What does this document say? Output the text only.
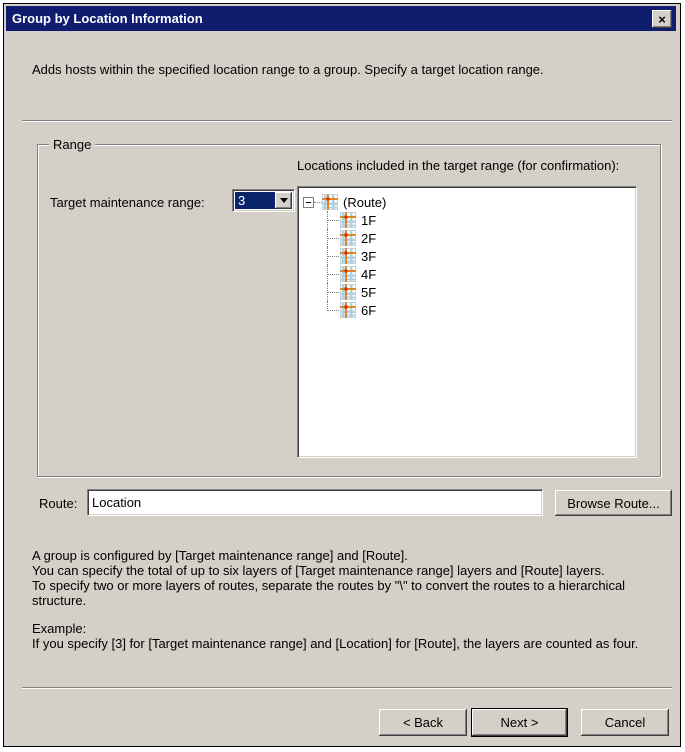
Group by Location Information	×
Adds hosts within the specified location range to a group. Specify a target location range.
Range
Locations included in the target range (for confirmation):
Target maintenance range:	3	(Route)
1F
2F
3F
4F
5F
6F
Route:
Location	Browse Route...
A group is configured by [Target maintenance range] and [Route].
You can specify the total of up to six layers of [Target maintenance range] layers and [Route] layers.
To specify two or more layers of routes, separate the routes by "\" to convert the routes to a hierarchical structure.
Example:
If you specify [3] for [Target maintenance range] and [Location] for [Route], the layers are counted as four.
< Back	Next >	Cancel
